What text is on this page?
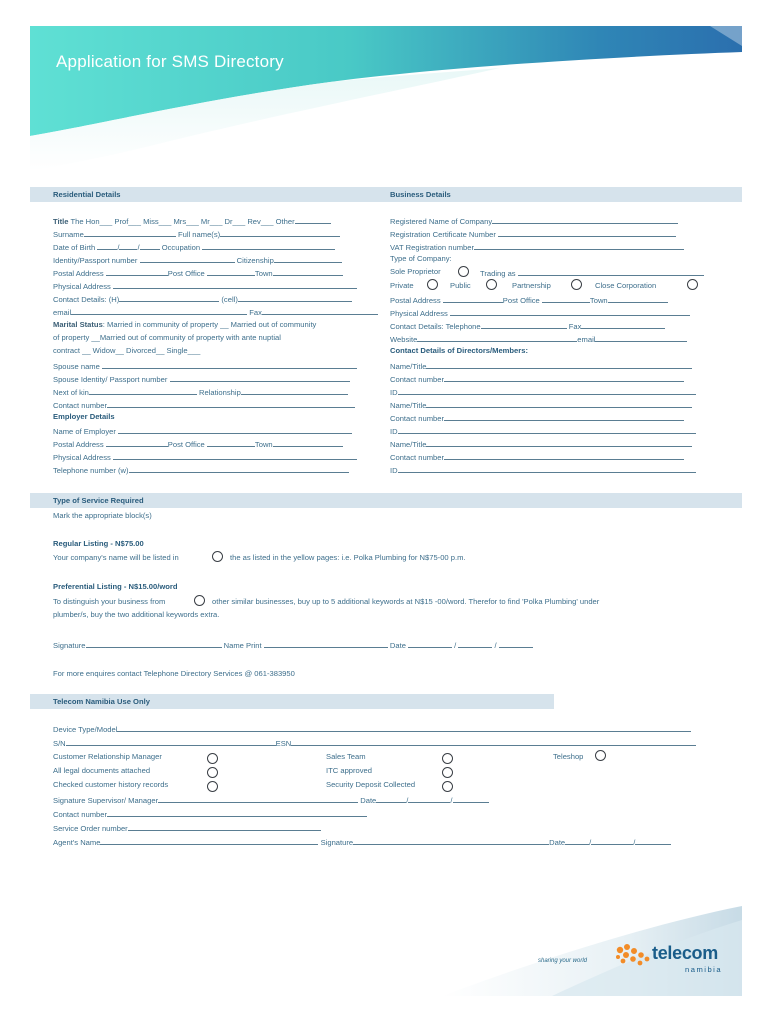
Application for SMS Directory
Residential Details	Business Details
Title The Hon___ Prof___ Miss___ Mrs___ Mr___ Dr___ Rev___ Other
Surname	Full name(s)
Date of Birth	/ /	Occupation
Identity/Passport number	Citizenship
Postal Address	Post Office	Town
Physical Address
Contact Details: (H)	(cell)
email	Fax
Marital Status: Married in community of property __ Married out of community
of property __Married out of community of property with ante nuptial
contract __ Widow__ Divorced__ Single___
Spouse name
Spouse Identity/ Passport number
Next of kin	Relationship
Contact number
Employer Details
Name of Employer
Postal Address	Post Office	Town
Physical Address
Telephone number (w)
Registered Name of Company
Registration Certificate Number
VAT Registration number
Type of Company:
Sole Proprietor	Trading as
Private	Public	Partnership	Close Corporation
Postal Address	Post Office	Town
Physical Address
Contact Details: Telephone	Fax
Website	email
Contact Details of Directors/Members:
Name/Title
Contact number
ID
Name/Title
Contact number
ID
Name/Title
Contact number
ID
Type of Service Required
Mark the appropriate block(s)
Regular Listing - N$75.00
Your company's name will be listed in	the as listed in the yellow pages: i.e. Polka Plumbing for N$75-00 p.m.
Preferential Listing - N$15.00/word
To distinguish your business from	other similar businesses, buy up to 5 additional keywords at N$15 -00/word. Therefor to find 'Polka Plumbing' under
plumber/s, buy the two additional keywords extra.
Signature	Name Print	Date	/	/
For more enquires contact Telephone Directory Services @ 061-383950
Telecom Namibia Use Only
Device Type/Model
S/N	ESN
Customer Relationship Manager	Sales Team	Teleshop
All legal documents attached	ITC approved
Checked customer history records	Security Deposit Collected
Signature Supervisor/ Manager	Date	/	/
Contact number
Service Order number
Agent's Name	Signature	Date	/	/
sharing your world	telecom
namibia
